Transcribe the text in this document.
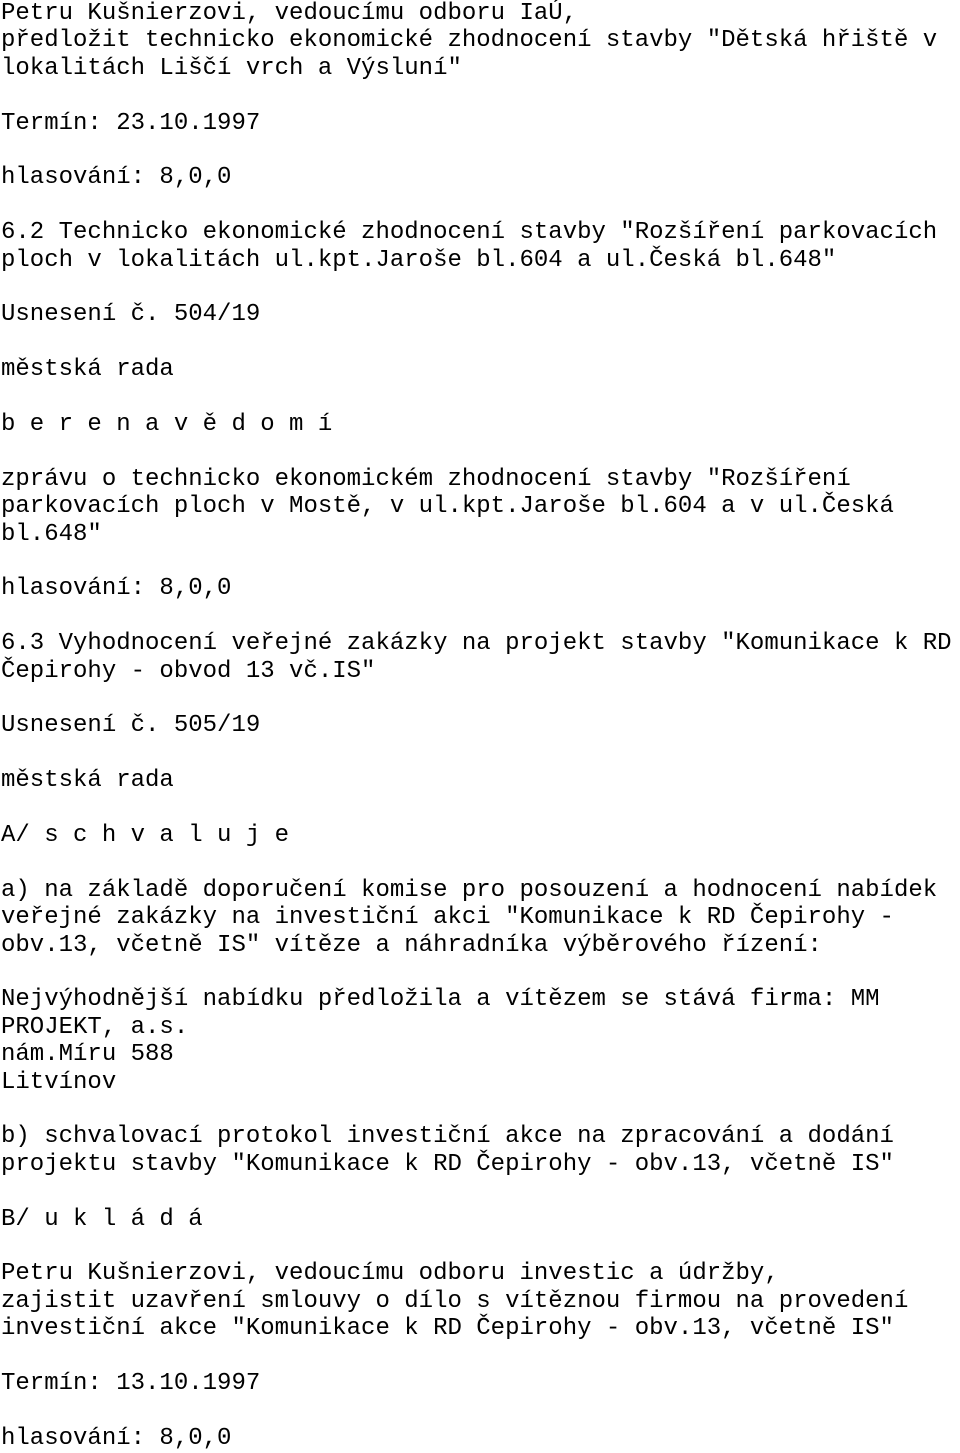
Petru Kušnierzovi, vedoucímu odboru IaÚ,

předložit technicko ekonomické zhodnocení stavby "Dětská hřiště v

lokalitách Liščí vrch a Výsluní"

Termín: 23.10.1997

hlasování: 8,0,0

6.2 Technicko ekonomické zhodnocení stavby "Rozšíření parkovacích

ploch v lokalitách ul.kpt.Jaroše bl.604 a ul.Česká bl.648"

Usnesení č. 504/19

městská rada

b e r e n a v ě d o m í

zprávu o technicko ekonomickém zhodnocení stavby "Rozšíření

parkovacích ploch v Mostě, v ul.kpt.Jaroše bl.604 a v ul.Česká

bl.648"

hlasování: 8,0,0

6.3 Vyhodnocení veřejné zakázky na projekt stavby "Komunikace k RD

Čepirohy - obvod 13 vč.IS"

Usnesení č. 505/19

městská rada

A/ s c h v a l u j e

a) na základě doporučení komise pro posouzení a hodnocení nabídek

veřejné zakázky na investiční akci "Komunikace k RD Čepirohy -

obv.13, včetně IS" vítěze a náhradníka výběrového řízení:

Nejvýhodnější nabídku předložila a vítězem se stává firma: MM

PROJEKT, a.s.

nám.Míru 588

Litvínov

b) schvalovací protokol investiční akce na zpracování a dodání

projektu stavby "Komunikace k RD Čepirohy - obv.13, včetně IS"

B/ u k l á d á

Petru Kušnierzovi, vedoucímu odboru investic a údržby,

zajistit uzavření smlouvy o dílo s vítěznou firmou na provedení

investiční akce "Komunikace k RD Čepirohy - obv.13, včetně IS"

Termín: 13.10.1997

hlasování: 8,0,0
